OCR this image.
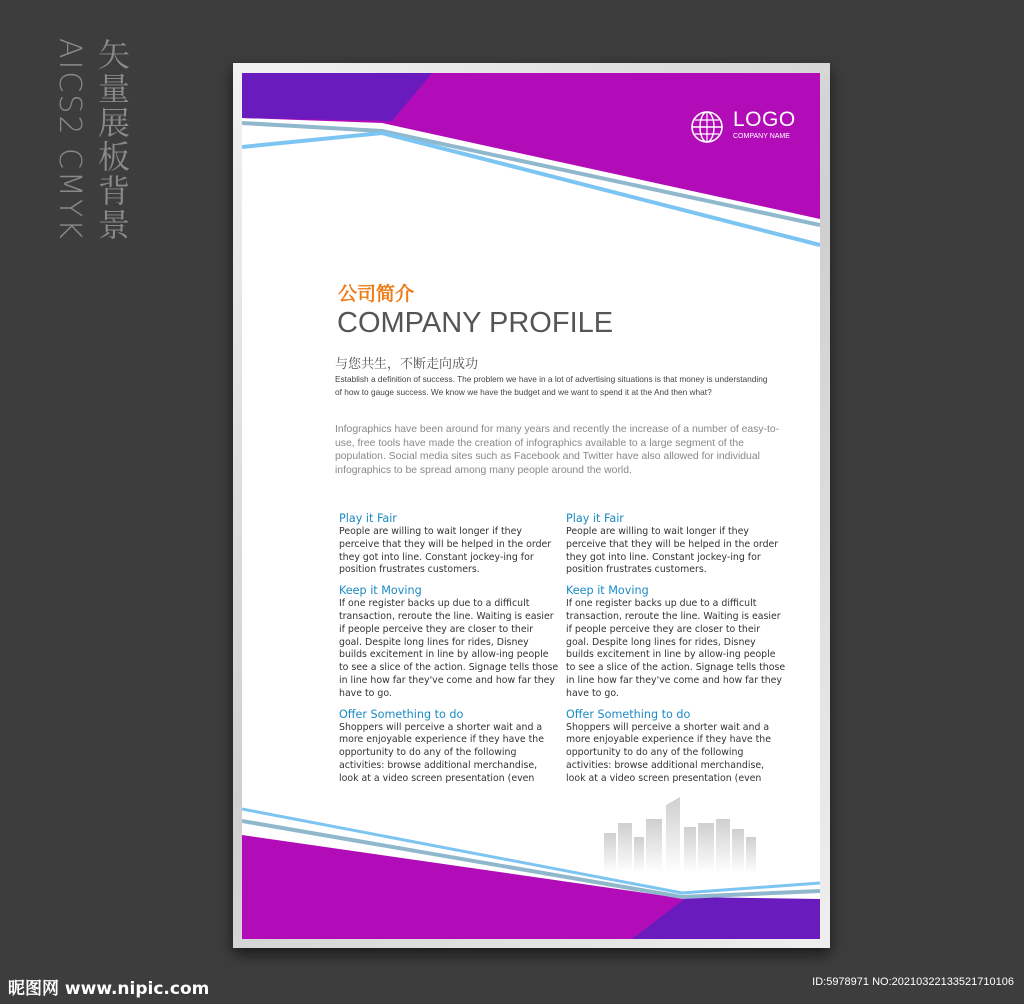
AICS2 CMYK 矢量展板背景	LOGO
COMPANY NAME
公司简介
COMPANY PROFILE
与您共生，不断走向成功
Establish a definition of success. The problem we have in a lot of advertising situations is that money is understanding of how to gauge success. We know we have the budget and we want to spend it at the And then what?
Infographics have been around for many years and recently the increase of a number of easy-to-use, free tools have made the creation of infographics available to a large segment of the population. Social media sites such as Facebook and Twitter have also allowed for individual infographics to be spread among many people around the world.
Play it Fair
People are willing to wait longer if they perceive that they will be helped in the order they got into line. Constant jockey-ing for position frustrates customers.
Keep it Moving
If one register backs up due to a difficult transaction, reroute the line. Waiting is easier if people perceive they are closer to their goal. Despite long lines for rides, Disney builds excitement in line by allow-ing people to see a slice of the action. Signage tells those in line how far they've come and how far they have to go.
Offer Something to do
Shoppers will perceive a shorter wait and a more enjoyable experience if they have the opportunity to do any of the following activities: browse additional merchandise, look at a video screen presentation (even
Play it Fair
People are willing to wait longer if they perceive that they will be helped in the order they got into line. Constant jockey-ing for position frustrates customers.
Keep it Moving
If one register backs up due to a difficult transaction, reroute the line. Waiting is easier if people perceive they are closer to their goal. Despite long lines for rides, Disney builds excitement in line by allow-ing people to see a slice of the action. Signage tells those in line how far they've come and how far they have to go.
Offer Something to do
Shoppers will perceive a shorter wait and a more enjoyable experience if they have the opportunity to do any of the following activities: browse additional merchandise, look at a video screen presentation (even
昵图网 www.nipic.com	ID:5978971 NO:20210322133521710106
